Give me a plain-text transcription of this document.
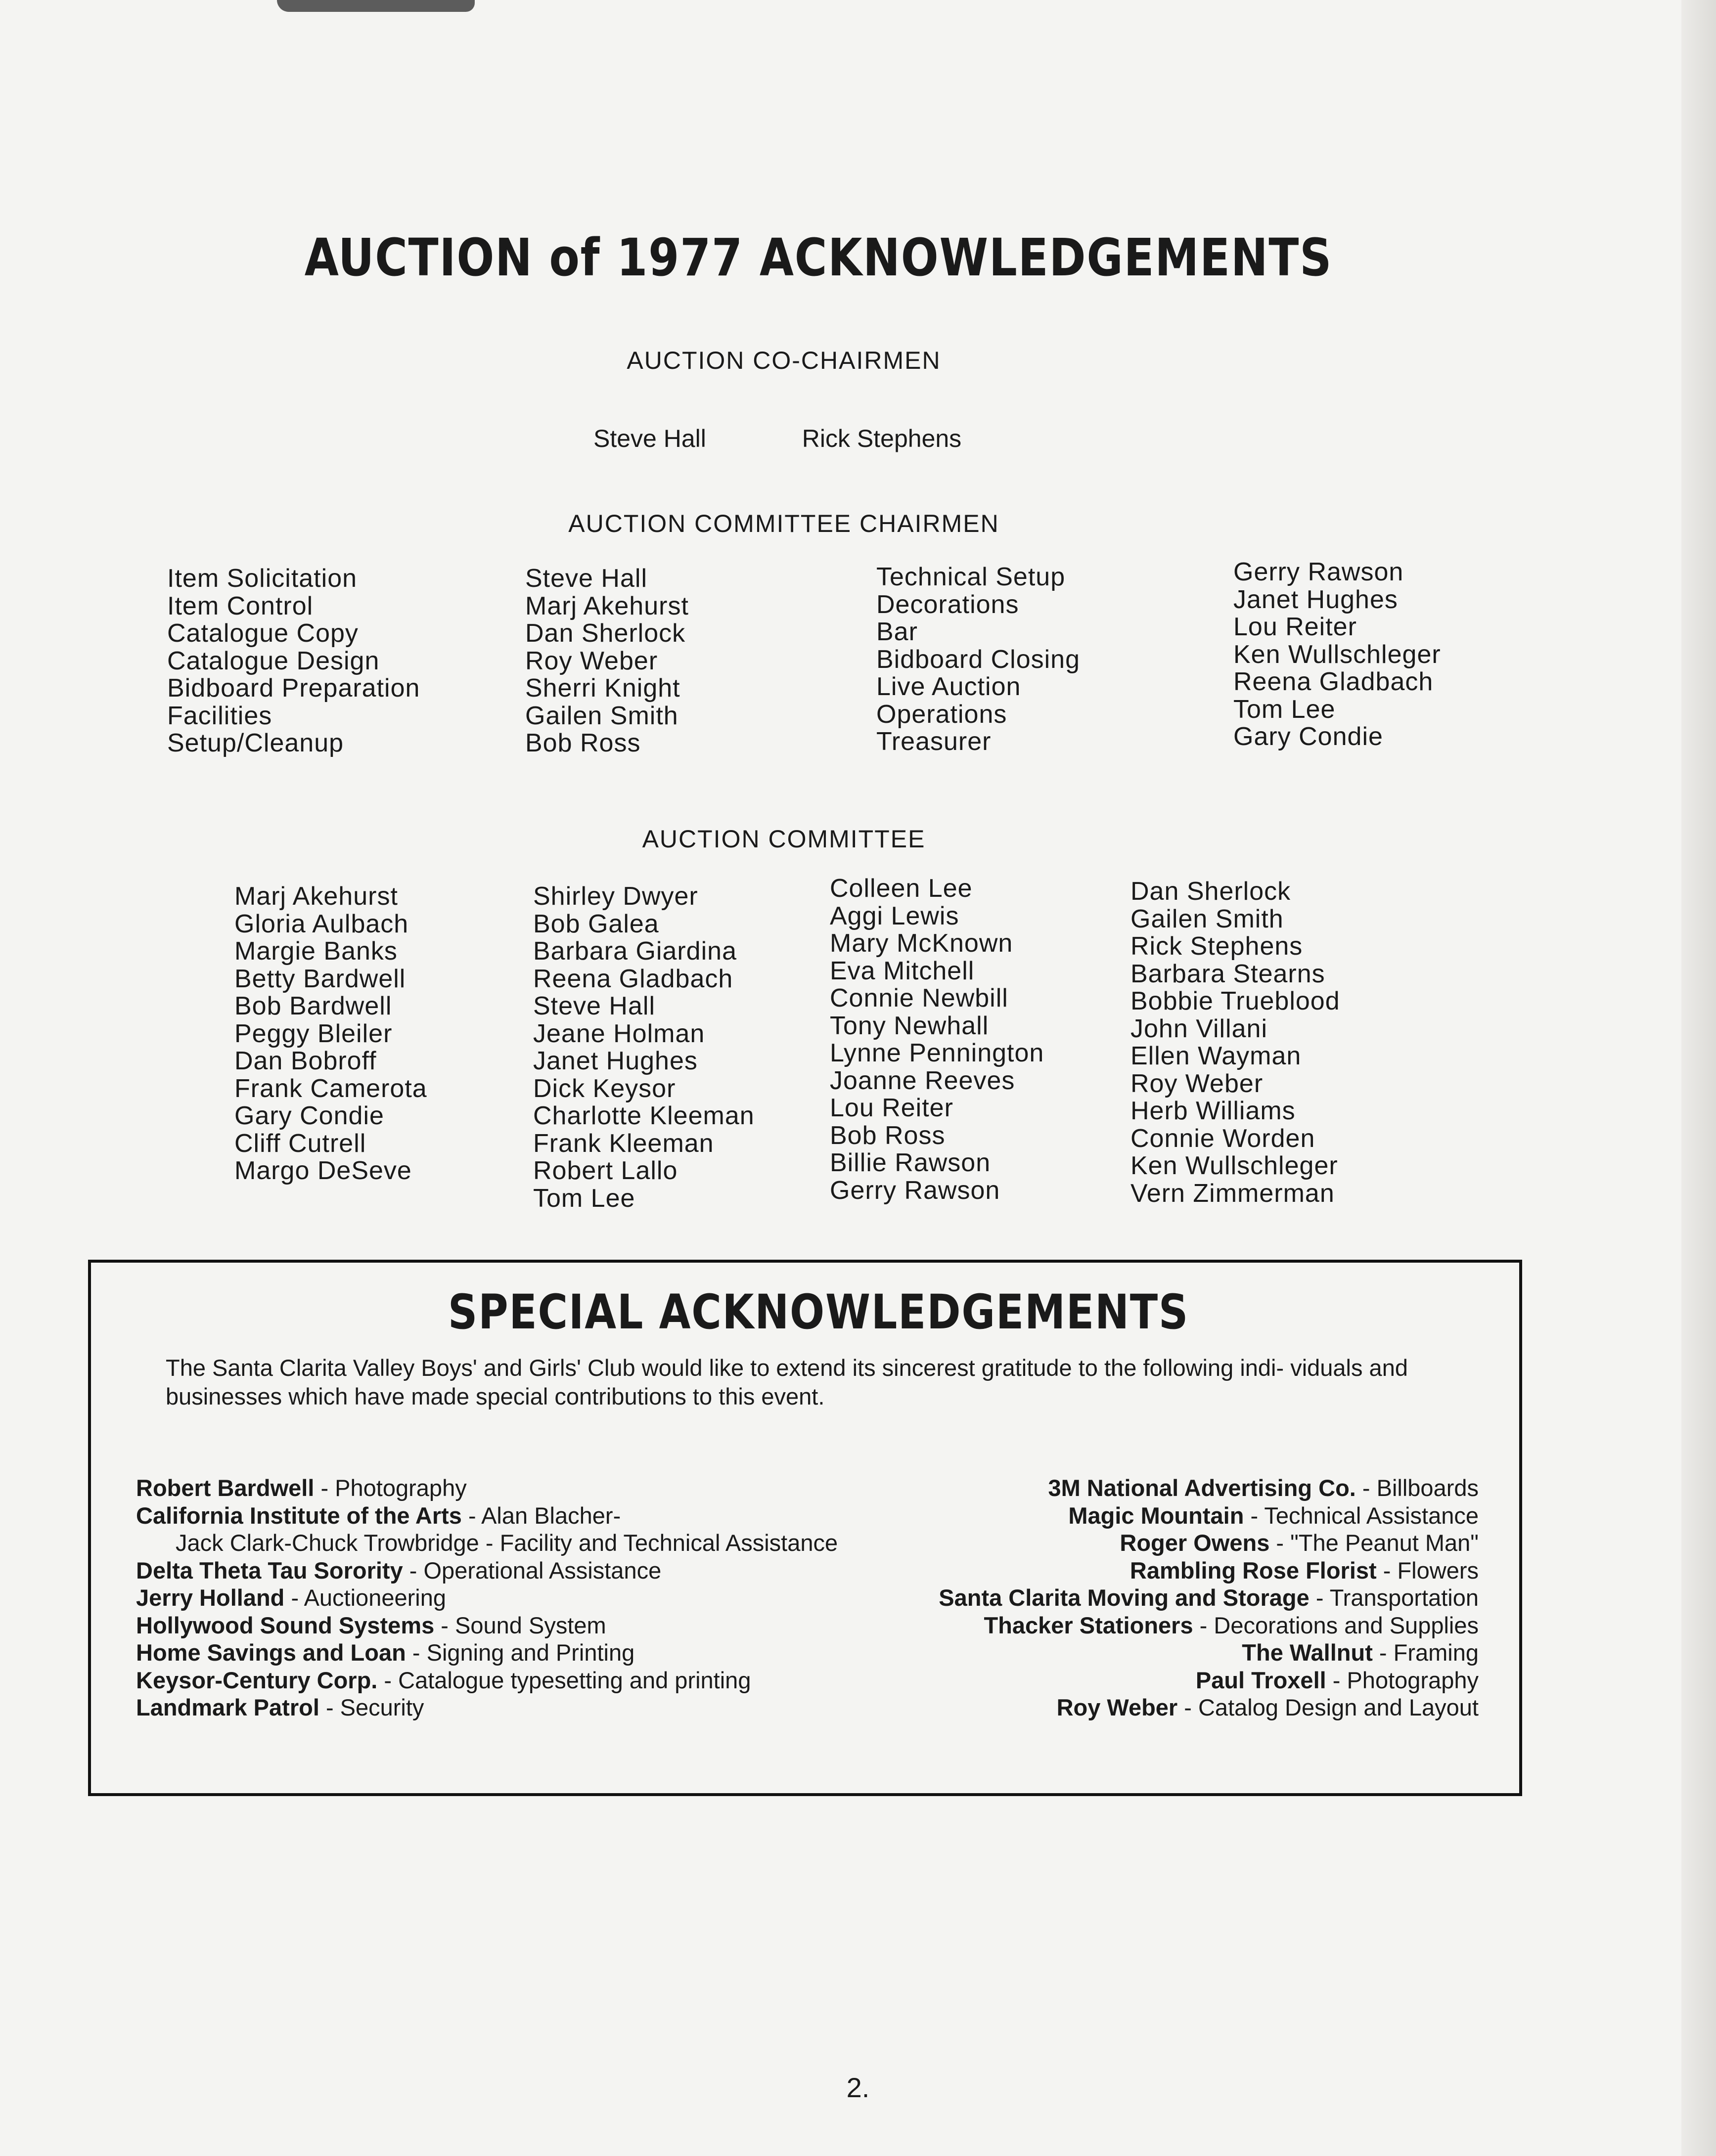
AUCTION of 1977 ACKNOWLEDGEMENTS
AUCTION CO-CHAIRMEN
Steve Hall	Rick Stephens
AUCTION COMMITTEE CHAIRMEN
Item Solicitation
Item Control
Catalogue Copy
Catalogue Design
Bidboard Preparation
Facilities
Setup/Cleanup
Steve Hall
Marj Akehurst
Dan Sherlock
Roy Weber
Sherri Knight
Gailen Smith
Bob Ross
Technical Setup
Decorations
Bar
Bidboard Closing
Live Auction
Operations
Treasurer
Gerry Rawson
Janet Hughes
Lou Reiter
Ken Wullschleger
Reena Gladbach
Tom Lee
Gary Condie
AUCTION COMMITTEE
Marj Akehurst
Gloria Aulbach
Margie Banks
Betty Bardwell
Bob Bardwell
Peggy Bleiler
Dan Bobroff
Frank Camerota
Gary Condie
Cliff Cutrell
Margo DeSeve
Shirley Dwyer
Bob Galea
Barbara Giardina
Reena Gladbach
Steve Hall
Jeane Holman
Janet Hughes
Dick Keysor
Charlotte Kleeman
Frank Kleeman
Robert Lallo
Tom Lee
Colleen Lee
Aggi Lewis
Mary McKnown
Eva Mitchell
Connie Newbill
Tony Newhall
Lynne Pennington
Joanne Reeves
Lou Reiter
Bob Ross
Billie Rawson
Gerry Rawson
Dan Sherlock
Gailen Smith
Rick Stephens
Barbara Stearns
Bobbie Trueblood
John Villani
Ellen Wayman
Roy Weber
Herb Williams
Connie Worden
Ken Wullschleger
Vern Zimmerman
SPECIAL ACKNOWLEDGEMENTS
The Santa Clarita Valley Boys' and Girls' Club would like to extend its sincerest gratitude to the following indi- viduals and businesses which have made special contributions to this event.
Robert Bardwell - Photography
California Institute of the Arts - Alan Blacher-
Jack Clark-Chuck Trowbridge - Facility and Technical Assistance
Delta Theta Tau Sorority - Operational Assistance
Jerry Holland - Auctioneering
Hollywood Sound Systems - Sound System
Home Savings and Loan - Signing and Printing
Keysor-Century Corp. - Catalogue typesetting and printing
Landmark Patrol - Security
3M National Advertising Co. - Billboards
Magic Mountain - Technical Assistance
Roger Owens - "The Peanut Man"
Rambling Rose Florist - Flowers
Santa Clarita Moving and Storage - Transportation
Thacker Stationers - Decorations and Supplies
The Wallnut - Framing
Paul Troxell - Photography
Roy Weber - Catalog Design and Layout
2.
